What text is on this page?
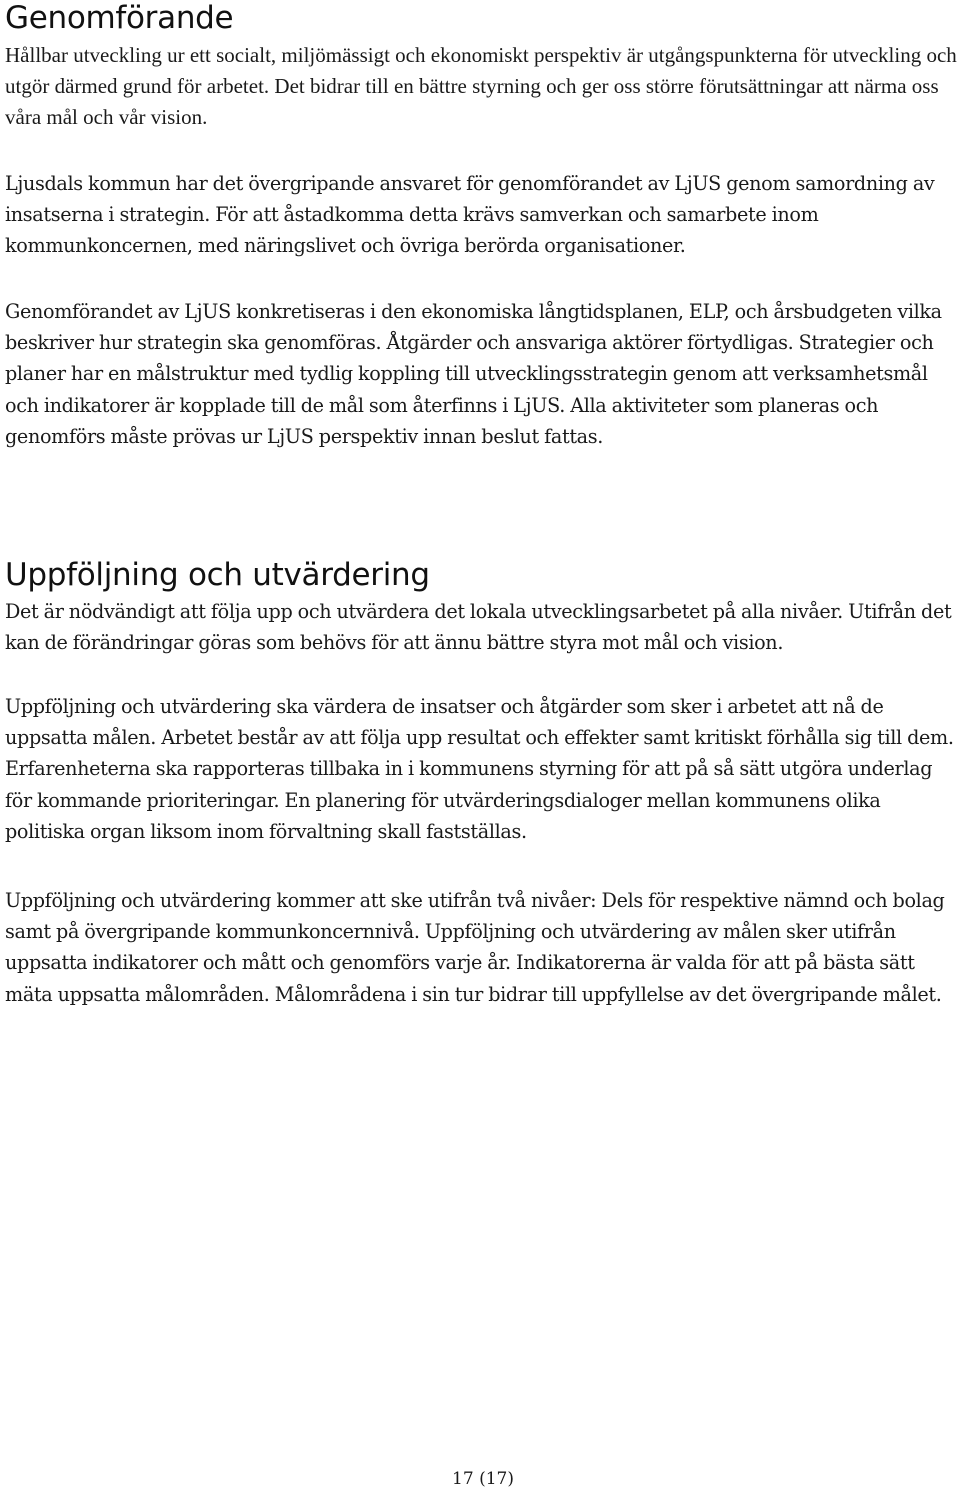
Genomförande

Hållbar utveckling ur ett socialt, miljömässigt och ekonomiskt perspektiv är utgångspunkterna för utveckling och utgör därmed grund för arbetet. Det bidrar till en bättre styrning och ger oss större förutsättningar att närma oss våra mål och vår vision.

Ljusdals kommun har det övergripande ansvaret för genomförandet av LjUS genom samordning av insatserna i strategin. För att åstadkomma detta krävs samverkan och samarbete inom kommunkoncernen, med näringslivet och övriga berörda organisationer.

Genomförandet av LjUS konkretiseras i den ekonomiska långtidsplanen, ELP, och årsbudgeten vilka beskriver hur strategin ska genomföras. Åtgärder och ansvariga aktörer förtydligas. Strategier och planer har en målstruktur med tydlig koppling till utvecklingsstrategin genom att verksamhetsmål och indikatorer är kopplade till de mål som återfinns i LjUS. Alla aktiviteter som planeras och genomförs måste prövas ur LjUS perspektiv innan beslut fattas.

Uppföljning och utvärdering

Det är nödvändigt att följa upp och utvärdera det lokala utvecklingsarbetet på alla nivåer. Utifrån det kan de förändringar göras som behövs för att ännu bättre styra mot mål och vision.

Uppföljning och utvärdering ska värdera de insatser och åtgärder som sker i arbetet att nå de uppsatta målen. Arbetet består av att följa upp resultat och effekter samt kritiskt förhålla sig till dem. Erfarenheterna ska rapporteras tillbaka in i kommunens styrning för att på så sätt utgöra underlag för kommande prioriteringar. En planering för utvärderingsdialoger mellan kommunens olika politiska organ liksom inom förvaltning skall fastställas.

Uppföljning och utvärdering kommer att ske utifrån två nivåer: Dels för respektive nämnd och bolag samt på övergripande kommunkoncernnivå. Uppföljning och utvärdering av målen sker utifrån uppsatta indikatorer och mått och genomförs varje år. Indikatorerna är valda för att på bästa sätt mäta uppsatta målområden. Målområdena i sin tur bidrar till uppfyllelse av det övergripande målet.

17 (17)
